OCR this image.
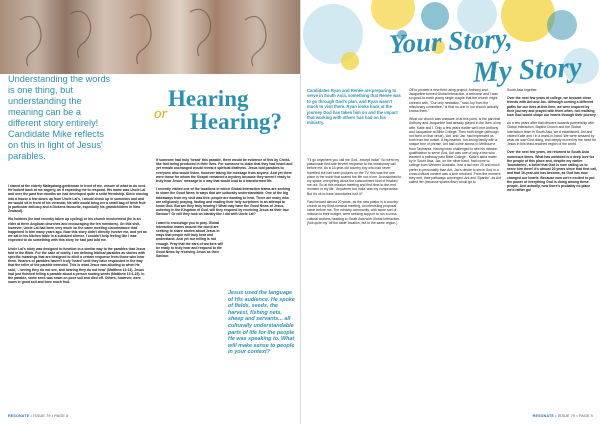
Understanding the words is one thing, but understanding the meaning can be a different story entirely! Candidate Mike reflects on this in light of Jesus' parables.
Hearing
or Hearing?

I stared at the elderly Malayalang-gentleman in front of me, unsure of what to do next. He looked back at me eagerly, as if expecting me to respond. His name was Uncle Lal and over the past few months we had developed quite a solid friendship. Since moving into a house a few doors up from Uncle Lal's, I would check up in summons and and we would sit in front of his veranda; his wife would bring me a small bag of fresh fruit (a particular delicacy and a Dickens favourite, especially his grandchildren in New Zealand).

His hobbies (he had recently taken up cycling) or his church involvement (he is an elder at three Anglican churches and encouraging the ten members). On this visit, however, Uncle Lal had been very much on the same meeting circumstance that happened in him many years ago. Now this story didn't directly involve me, and yet as we sat in his kitchen table in a subdued silence, I couldn't help feeling like I was expected to do something with this story he had just told me.

Uncle Lal's story was designed to function in a similar way to the parables that Jesus told in the Bible. For the sake of clarity, I am defining biblical parables as stories with specific meanings that are designed to elicit a certain response from those who hear them. Hearers of parables haven't truly 'heard' until they have responded in the way that the teller of the parable intended. This is what Jesus was alluding to when He said, '...seeing they do not see, and hearing they do not hear' (Matthew 13:13). Jesus had just finished telling a parable about a person sowing seeds (Matthew 13:1-23). In the parable, some seed was sown on poor soil and died off. Others, however, were sown in good soil and bore much fruit.

If someone had truly 'heard' this parable, there would be evidence of this by Christ-like fruit being produced in their lives. For someone to claim that they had heard and yet remain unchanged would reveal a spiritual deafness. Jesus told parables to everyone who would listen, however taking the message from anyone. And yet there were those for whom the Gospel remained a mystery because they weren't ready to truly hear Jesus' message in a way that would lead to a transformed life.

I recently visited one of the locations in which Global Interaction teams are seeking to share the Good News in ways that are culturally understandable. One of the big takeaways from my visit was this: people are wanting to hear. There are many who are religiously praying, fasting and reading their holy scriptures in an attempt to know God. But are they truly hearing? What may have the Good News of Jesus, ushering in the Kingdom of God, will they respond by receiving Jesus as their true Saviour? Or will they look on blankly like I did with Uncle Lal?

I want to encourage you to pray. Global Interaction teams around the world are seeking to share stories about Jesus in ways that people will truly hear and understand. And yet our telling is not enough. Pray that the ears of workers will be ready to truly hear and respond to the Good News by receiving Jesus as their Saviour.

Jesus used the language of His audience. He spoke of fields, seeds, the harvest, fishing nets, sheep and servants... all culturally understandable parts of life for the people He was speaking to. What will make sense to people in your context?
RESONATE • ISSUE 79 • PAGE 8
Your Story,
My Story
Candidates Ryan and Renée are preparing to serve in South Asia, something that Renée was to go through God's plan, and Ryan wasn't much to visit there. Ryan looks back at the journey God has taken him on and the impact that working with others has had on his ministry.

"I'll go anywhere you call me God...except India!" So went my passionate first-rate fervent response to the missionary call before me. As a 16-year-old country boy who had never travelled but had seen pictures on the TV, this was the one place in the world that scared the life out of me. Accustomed to my space, everything about the subcontinent kind of freaked me out. So at this mission meeting and first-time-to-the-end moment in my life, 'Anywhere but India' was my compromise. But it's ok to have boundaries isn't it?

Fast forward almost 20 years, as the new pastor in a country church at my third-nominal meeting, an interesting proposal came before me. The ministry community, with some sort of mission in their budget, were seeking support to run a cross-cultural workers heading to South Asia with Global Interaction. (Not quite my 'off the table' location, but to the same region.)

Off to pioneer a new field using project, Anthony and Jacqueline formed Global Interaction, a welcome and I was so good-to-earth young single couple that the church might connect with. "Our only hesitation," said Joy from the missionary committee, "is that no-one in our church actually knows them."

What our church was unaware of at this point, is the part that Anthony and Jacqueline had already played in the lives of my wife, Katie and I. Only a few years earlier we'd met Anthony and Jacqueline at Bible College. Their both single (although not fixed on that virtue), 'Ant' and 'Jac' had impressed us both from the outset. A big-hearted, fun-loving family with a unique turn of phrase, Ant had come across to Melbourne from Tasmania. Having been challenged to see his mission qualification to serve God, Ant was one of only a few who traveled a pathway past Bible College - Katie's alma mater by in South Asia, Jac, on the other hand, had come to college from Western Australia. Just a tad over 20 and much prefer in personality than Ant, Jac's desire to serve God in a cross-cultural context was a love resolved. From the moment they met, their pathways converged. Ant and 'Sparkle', as Ant called her (because sparks flew) would go to

South Asia together.

Over the next few years at college, we became close friends with Ant and Jac. Although coming a different paths for our lives at this time, we were inspired by their journey and prayed with them often, not realising how God would shape our hearts through their journey.

As a few years after that descent towards partnership with Global Interaction, Baptist Church and the Global Interaction team in South Asia, we'd established, Ant and visited Katie and I in a world-in-hand. We were amazed by what we saw God doing, and deeply moved by the need for Jesus in this least-reached region of the world.

Over the next few years, we returned to South Asia numerous times. What has unfolded is a deep love for the people of this place and, despite my earlier 'boundaries', a belief that God is now calling us to serve him there! It's almost 20 years since that first call, and that 16-year-old has become, as God has now changed our hearts. Because now we're excited to put the power of everything God is doing among these people. And actually, now there's probably no place we'd rather go!

RESONATE • ISSUE 79 • PAGE 9
